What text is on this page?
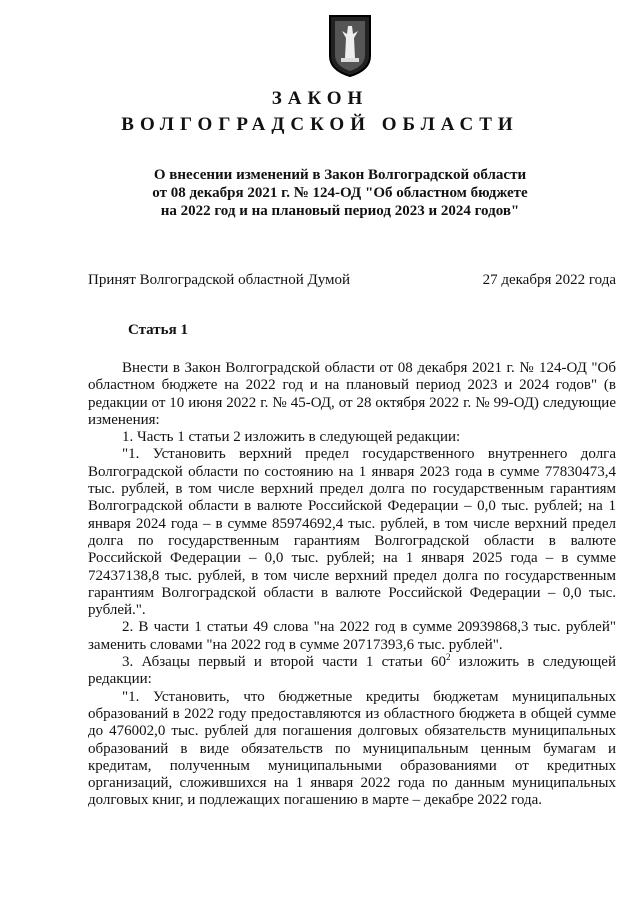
ЗАКОН
ВОЛГОГРАДСКОЙ ОБЛАСТИ
О внесении изменений в Закон Волгоградской области
от 08 декабря 2021 г. № 124-ОД "Об областном бюджете
на 2022 год и на плановый период 2023 и 2024 годов"
Принят Волгоградской областной Думой	27 декабря 2022 года
Статья 1

Внести в Закон Волгоградской области от 08 декабря 2021 г. № 124-ОД "Об областном бюджете на 2022 год и на плановый период 2023 и 2024 годов" (в редакции от 10 июня 2022 г. № 45-ОД, от 28 октября 2022 г. № 99-ОД) следующие изменения:

1. Часть 1 статьи 2 изложить в следующей редакции:

"1. Установить верхний предел государственного внутреннего долга Волгоградской области по состоянию на 1 января 2023 года в сумме 77830473,4 тыс. рублей, в том числе верхний предел долга по государственным гарантиям Волгоградской области в валюте Российской Федерации – 0,0 тыс. рублей; на 1 января 2024 года – в сумме 85974692,4 тыс. рублей, в том числе верхний предел долга по государственным гарантиям Волгоградской области в валюте Российской Федерации – 0,0 тыс. рублей; на 1 января 2025 года – в сумме 72437138,8 тыс. рублей, в том числе верхний предел долга по государственным гарантиям Волгоградской области в валюте Российской Федерации – 0,0 тыс. рублей.".

2. В части 1 статьи 49 слова "на 2022 год в сумме 20939868,3 тыс. рублей" заменить словами "на 2022 год в сумме 20717393,6 тыс. рублей".

3. Абзацы первый и второй части 1 статьи $60^2$ изложить в следующей редакции:

"1. Установить, что бюджетные кредиты бюджетам муниципальных образований в 2022 году предоставляются из областного бюджета в общей сумме до 476002,0 тыс. рублей для погашения долговых обязательств муниципальных образований в виде обязательств по муниципальным ценным бумагам и кредитам, полученным муниципальными образованиями от кредитных организаций, сложившихся на 1 января 2022 года по данным муниципальных долговых книг, и подлежащих погашению в марте – декабре 2022 года.
